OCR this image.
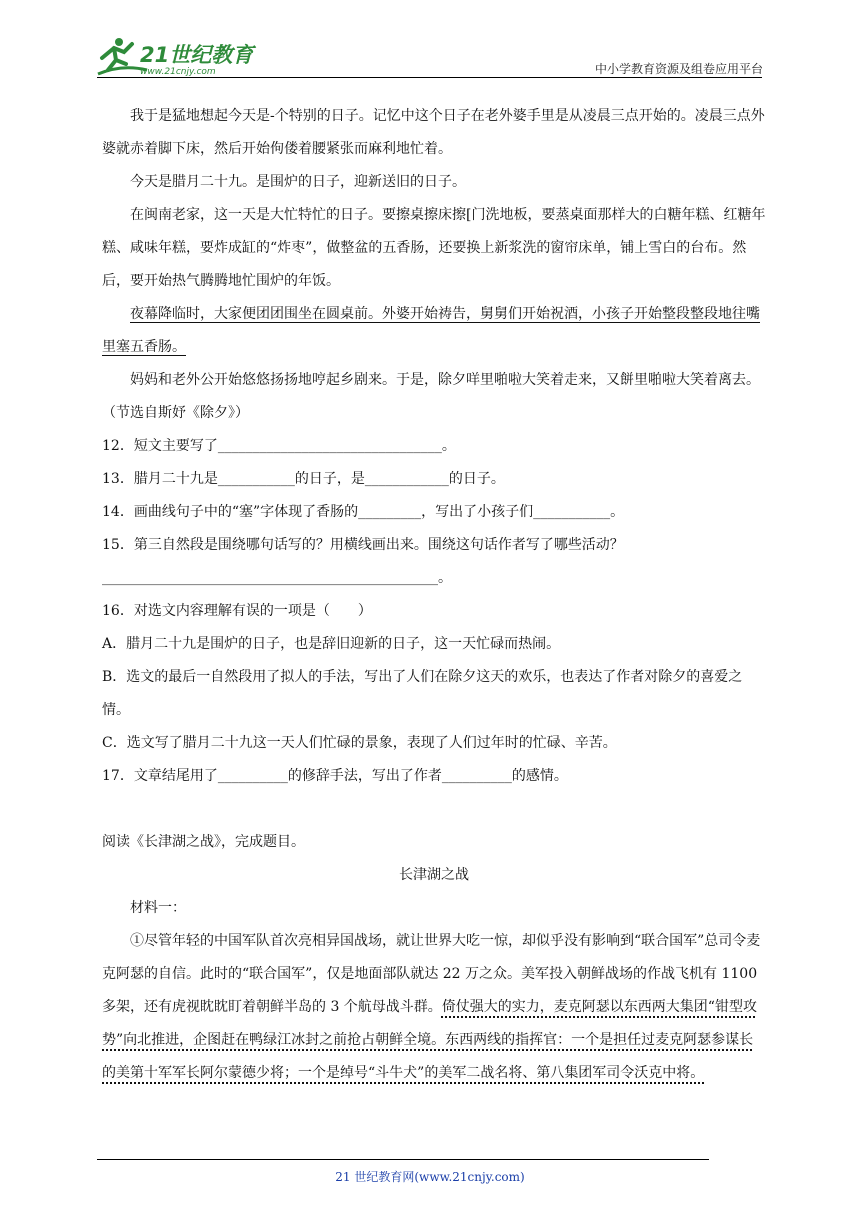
21世纪教育
www.21cnjy.com	中小学教育资源及组卷应用平台

我于是猛地想起今天是-个特别的日子。记忆中这个日子在老外婆手里是从凌晨三点开始的。凌晨三点外婆就赤着脚下床，然后开始佝偻着腰紧张而麻利地忙着。

今天是腊月二十九。是围炉的日子，迎新送旧的日子。

在闽南老家，这一天是大忙特忙的日子。要擦桌擦床擦[门洗地板，要蒸桌面那样大的白糖年糕、红糖年糕、咸味年糕，要炸成缸的“炸枣”，做整盆的五香肠，还要换上新浆洗的窗帘床单，铺上雪白的台布。然后，要开始热气腾腾地忙围炉的年饭。

夜幕降临时，大家便团团围坐在圆桌前。外婆开始祷告，舅舅们开始祝酒，小孩子开始整段整段地往嘴里塞五香肠。

妈妈和老外公开始悠悠扬扬地哼起乡剧来。于是，除夕咩里啪啦大笑着走来，又餅里啪啦大笑着离去。（节选自斯妤《除夕》）

12．短文主要写了________________________________。

13．腊月二十九是___________的日子，是____________的日子。

14．画曲线句子中的“塞”字体现了香肠的_________，写出了小孩子们___________。

15．第三自然段是围绕哪句话写的？用横线画出来。围绕这句话作者写了哪些活动？

________________________________________________。

16．对选文内容理解有误的一项是（　　）

A．腊月二十九是围炉的日子，也是辞旧迎新的日子，这一天忙碌而热闹。

B．选文的最后一自然段用了拟人的手法，写出了人们在除夕这天的欢乐，也表达了作者对除夕的喜爱之情。

C．选文写了腊月二十九这一天人们忙碌的景象，表现了人们过年时的忙碌、辛苦。

17．文章结尾用了__________的修辞手法，写出了作者__________的感情。

阅读《长津湖之战》，完成题目。

长津湖之战

材料一：

①尽管年轻的中国军队首次亮相异国战场，就让世界大吃一惊，却似乎没有影响到“联合国军”总司令麦克阿瑟的自信。此时的“联合国军”，仅是地面部队就达 22 万之众。美军投入朝鲜战场的作战飞机有 1100 多架，还有虎视眈眈盯着朝鲜半岛的 3 个航母战斗群。倚仗强大的实力，麦克阿瑟以东西两大集团“钳型攻势”向北推进，企图赶在鸭绿江冰封之前抢占朝鲜全境。东西两线的指挥官：一个是担任过麦克阿瑟参谋长的美第十军军长阿尔蒙德少将；一个是绰号“斗牛犬”的美军二战名将、第八集团军司令沃克中将。

21 世纪教育网(www.21cnjy.com)
